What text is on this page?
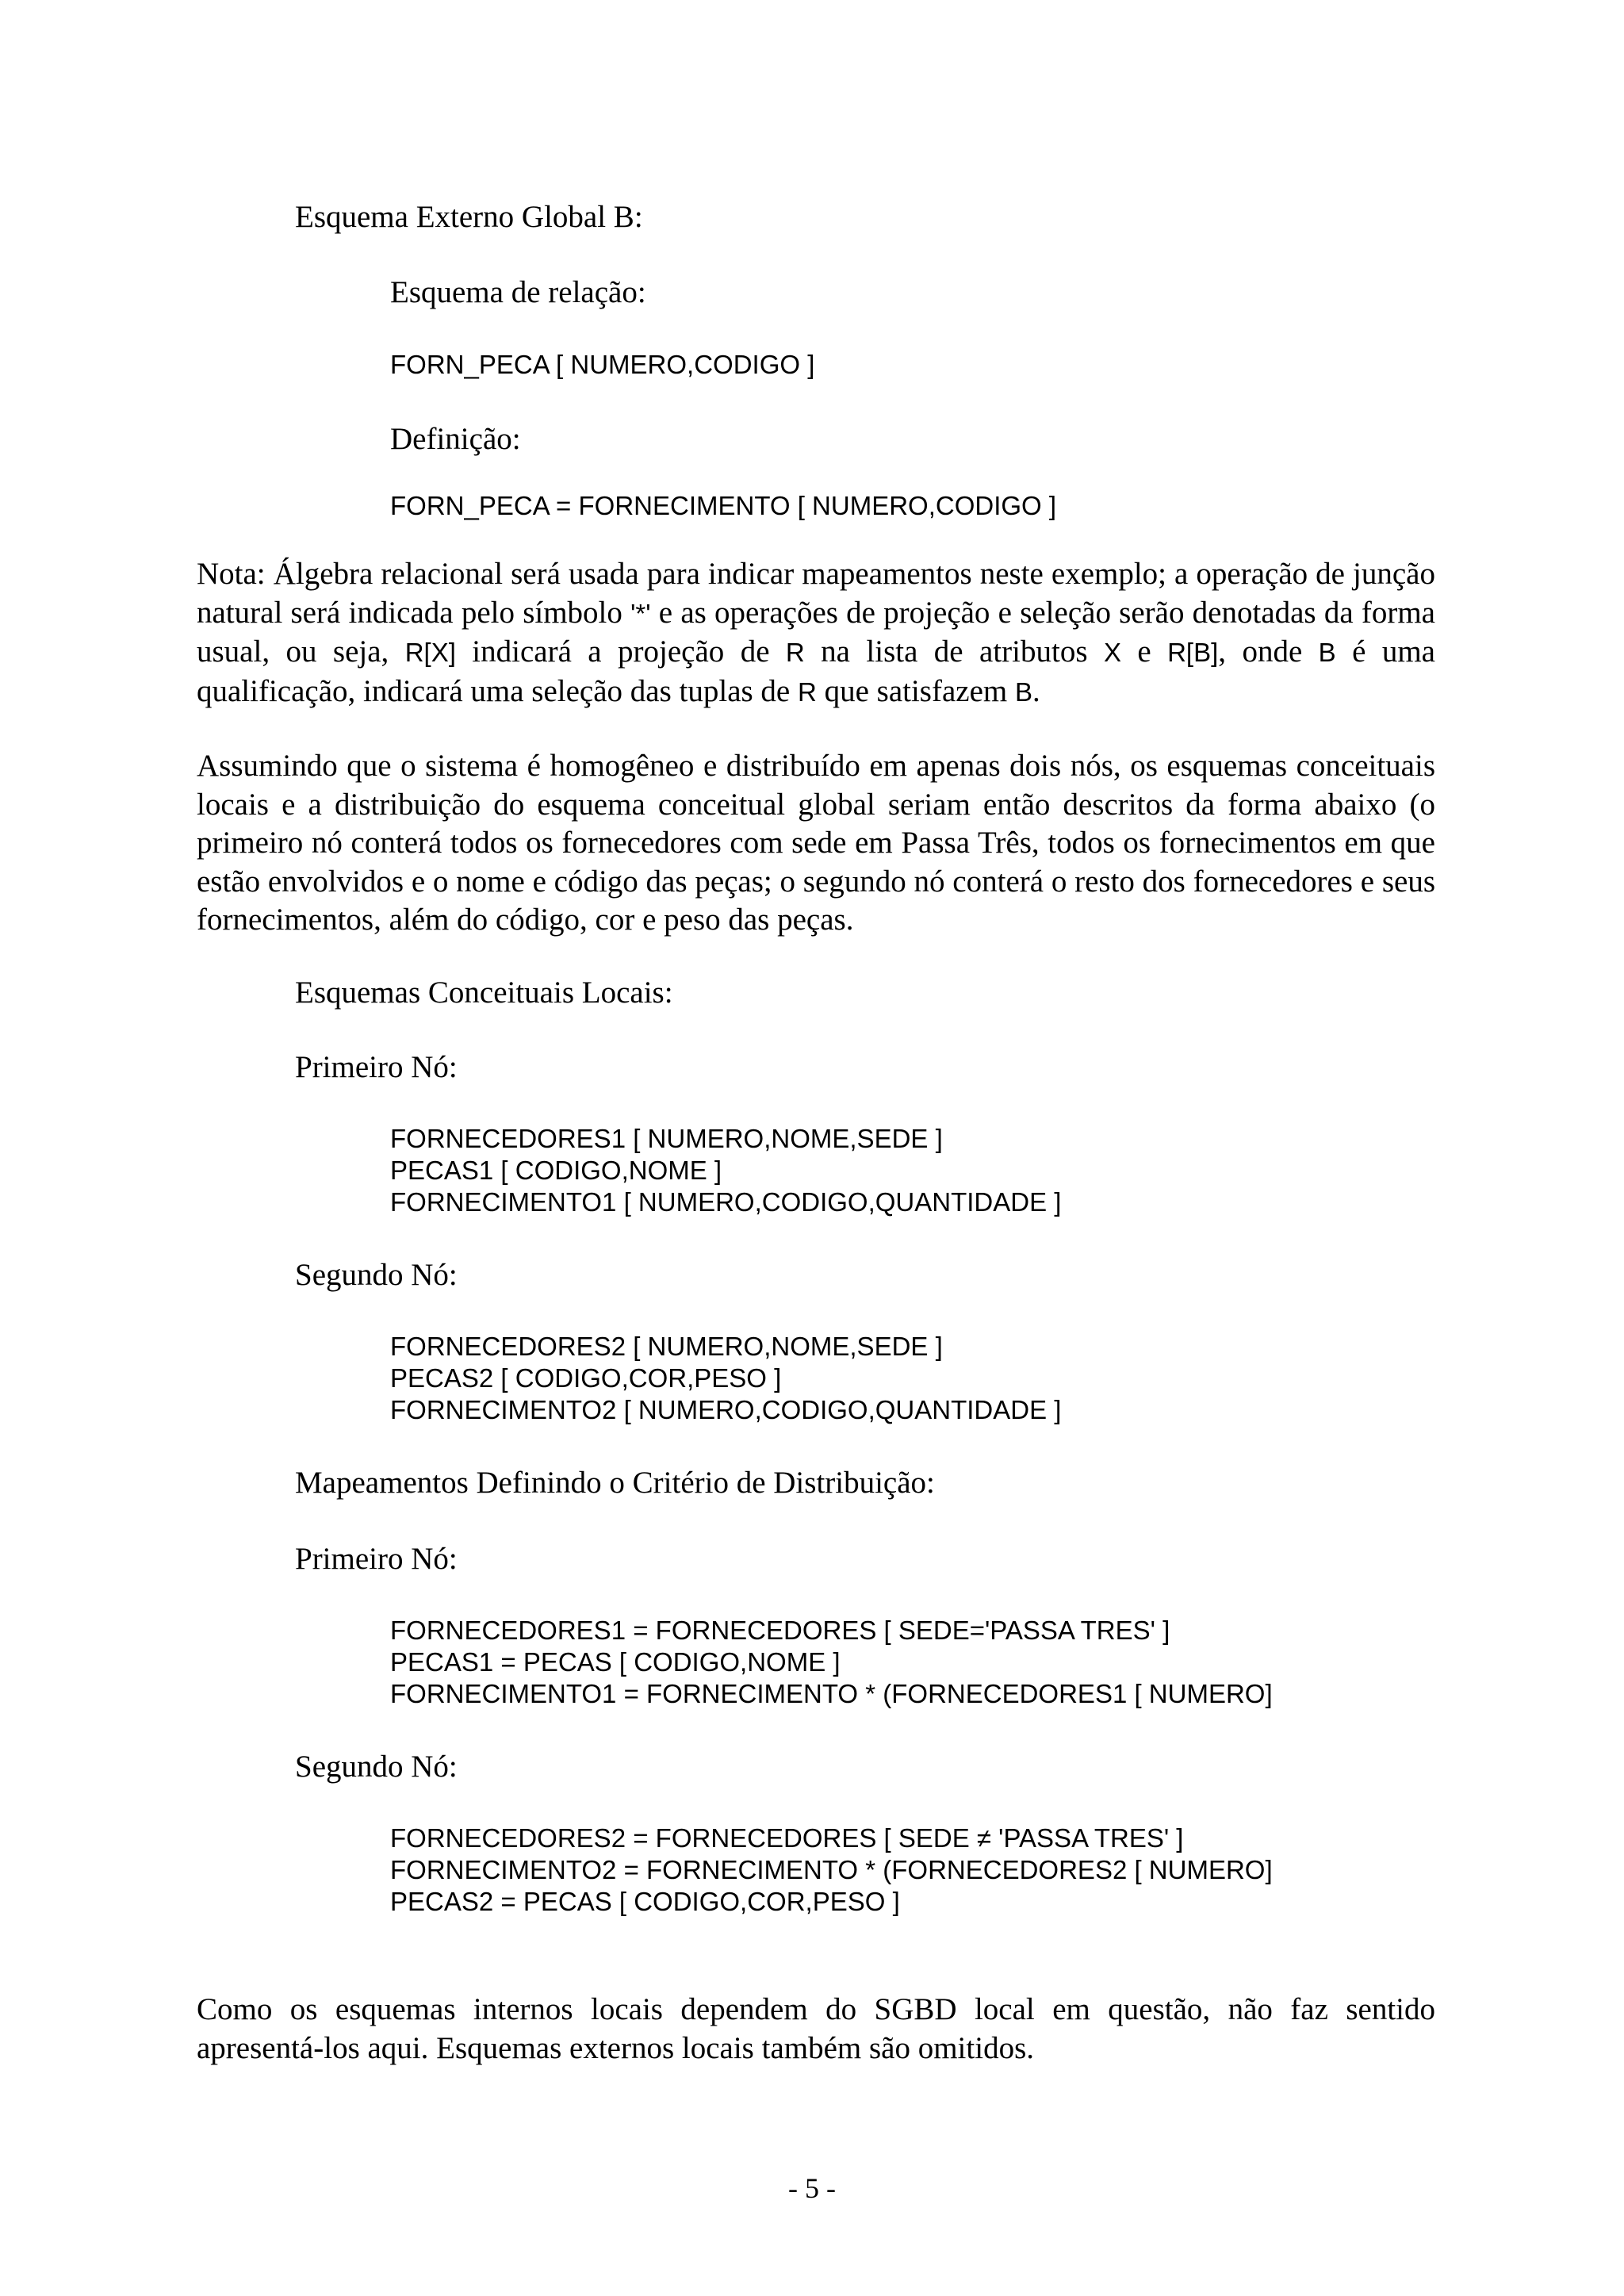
Esquema Externo Global B:
Esquema de relação:
FORN_PECA [ NUMERO,CODIGO ]
Definição:
FORN_PECA = FORNECIMENTO [ NUMERO,CODIGO ]

Nota: Álgebra relacional será usada para indicar mapeamentos neste exemplo; a operação de junção natural será indicada pelo símbolo '*' e as operações de projeção e seleção serão denotadas da forma usual, ou seja, R[X] indicará a projeção de R na lista de atributos X e R[B], onde B é uma qualificação, indicará uma seleção das tuplas de R que satisfazem B.

Assumindo que o sistema é homogêneo e distribuído em apenas dois nós, os esquemas conceituais locais e a distribuição do esquema conceitual global seriam então descritos da forma abaixo (o primeiro nó conterá todos os fornecedores com sede em Passa Três, todos os fornecimentos em que estão envolvidos e o nome e código das peças; o segundo nó conterá o resto dos fornecedores e seus fornecimentos, além do código, cor e peso das peças.

Esquemas Conceituais Locais:
Primeiro Nó:
FORNECEDORES1 [ NUMERO,NOME,SEDE ]
PECAS1 [ CODIGO,NOME ]
FORNECIMENTO1 [ NUMERO,CODIGO,QUANTIDADE ]
Segundo Nó:
FORNECEDORES2 [ NUMERO,NOME,SEDE ]
PECAS2 [ CODIGO,COR,PESO ]
FORNECIMENTO2 [ NUMERO,CODIGO,QUANTIDADE ]
Mapeamentos Definindo o Critério de Distribuição:
Primeiro Nó:
FORNECEDORES1 = FORNECEDORES [ SEDE='PASSA TRES' ]
PECAS1 = PECAS [ CODIGO,NOME ]
FORNECIMENTO1 = FORNECIMENTO * (FORNECEDORES1 [ NUMERO]
Segundo Nó:
FORNECEDORES2 = FORNECEDORES [ SEDE ≠ 'PASSA TRES' ]
FORNECIMENTO2 = FORNECIMENTO * (FORNECEDORES2 [ NUMERO]
PECAS2 = PECAS [ CODIGO,COR,PESO ]

Como os esquemas internos locais dependem do SGBD local em questão, não faz sentido apresentá-los aqui. Esquemas externos locais também são omitidos.

- 5 -
